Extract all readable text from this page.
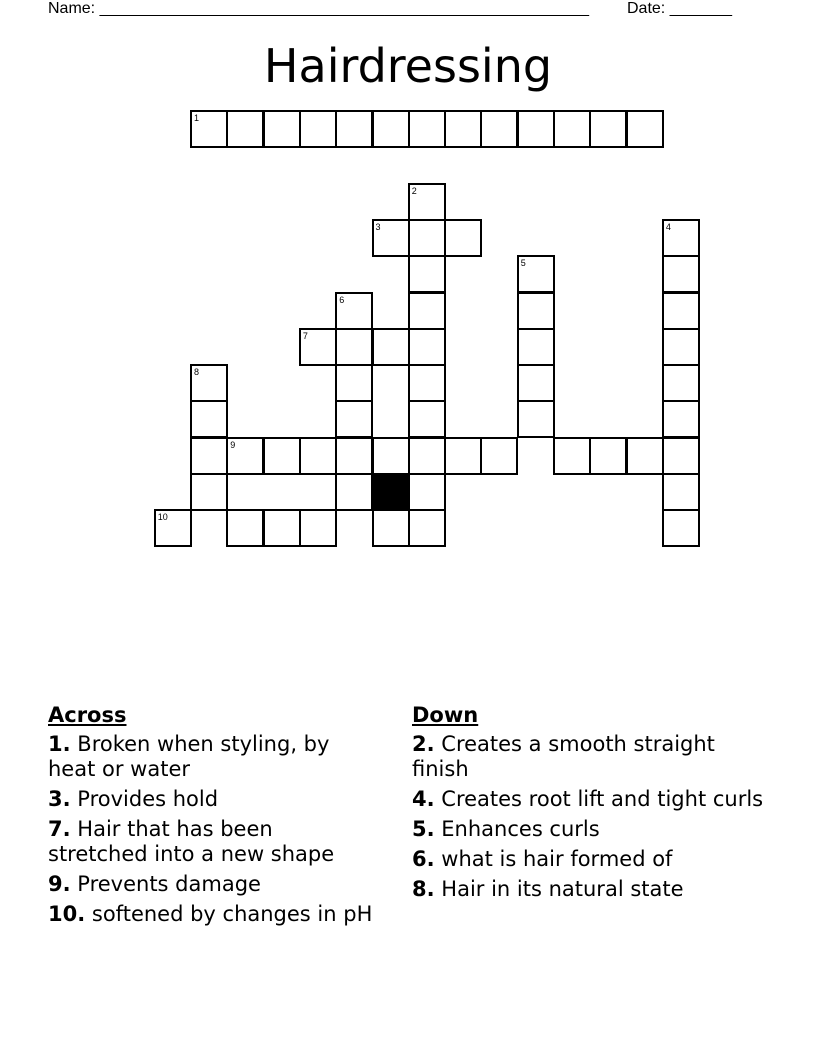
Name: _______________________________________________________ Date: _______
Hairdressing
1
2
3	4
5
6
7
8
9
10
Across
1. Broken when styling, by heat or water
3. Provides hold
7. Hair that has been stretched into a new shape
9. Prevents damage
10. softened by changes in pH
Down
2. Creates a smooth straight finish
4. Creates root lift and tight curls
5. Enhances curls
6. what is hair formed of
8. Hair in its natural state
